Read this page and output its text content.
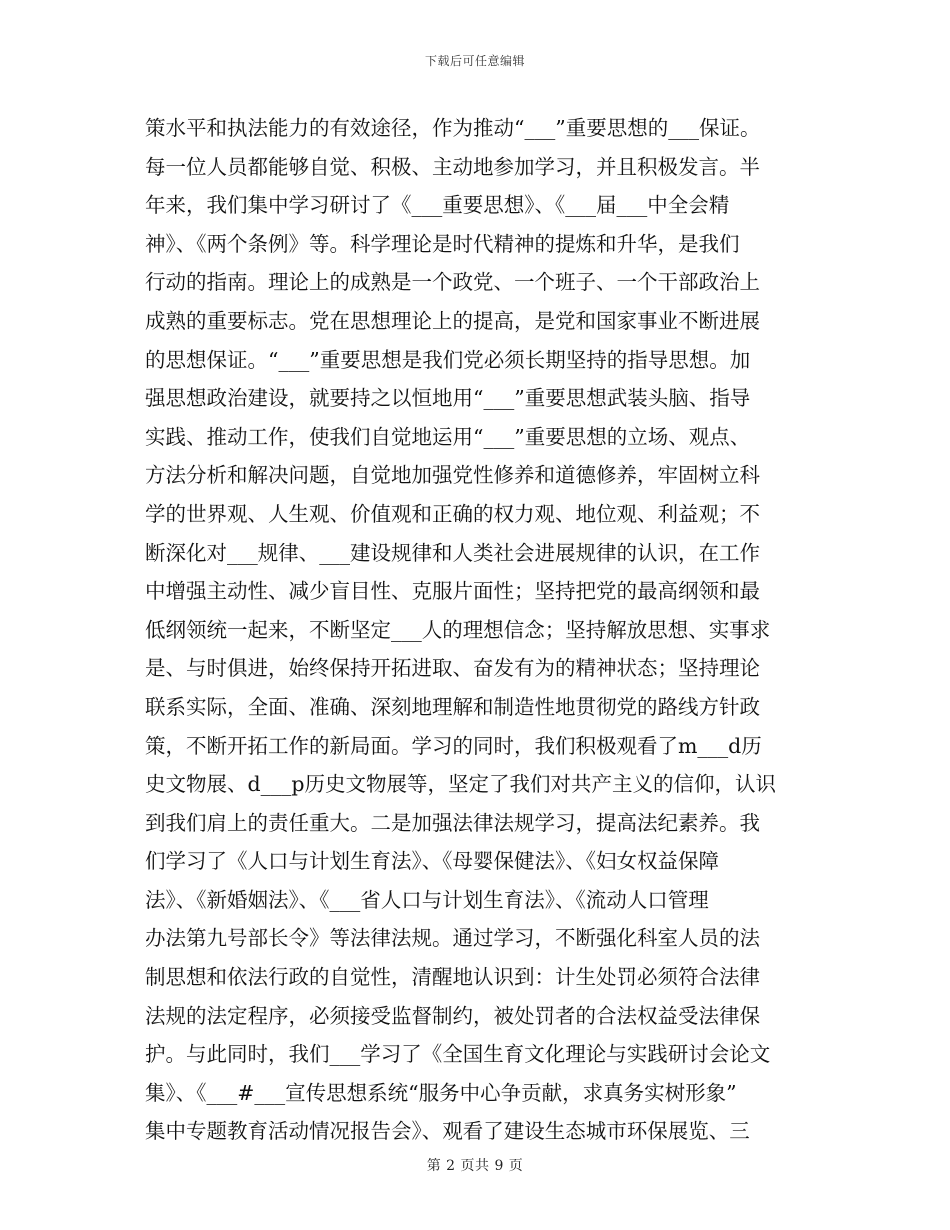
下载后可任意编辑
策水平和执法能力的有效途径，作为推动“___”重要思想的___保证。
每一位人员都能够自觉、积极、主动地参加学习，并且积极发言。半
年来，我们集中学习研讨了《___重要思想》、《___届___中全会精
神》、《两个条例》等。科学理论是时代精神的提炼和升华，是我们
行动的指南。理论上的成熟是一个政党、一个班子、一个干部政治上
成熟的重要标志。党在思想理论上的提高，是党和国家事业不断进展
的思想保证。“___”重要思想是我们党必须长期坚持的指导思想。加
强思想政治建设，就要持之以恒地用“___”重要思想武装头脑、指导
实践、推动工作，使我们自觉地运用“___”重要思想的立场、观点、
方法分析和解决问题，自觉地加强党性修养和道德修养，牢固树立科
学的世界观、人生观、价值观和正确的权力观、地位观、利益观；不
断深化对___规律、___建设规律和人类社会进展规律的认识，在工作
中增强主动性、减少盲目性、克服片面性；坚持把党的最高纲领和最
低纲领统一起来，不断坚定___人的理想信念；坚持解放思想、实事求
是、与时俱进，始终保持开拓进取、奋发有为的精神状态；坚持理论
联系实际，全面、准确、深刻地理解和制造性地贯彻党的路线方针政
策，不断开拓工作的新局面。学习的同时，我们积极观看了m___d历
史文物展、d___p历史文物展等，坚定了我们对共产主义的信仰，认识
到我们肩上的责任重大。二是加强法律法规学习，提高法纪素养。我
们学习了《人口与计划生育法》、《母婴保健法》、《妇女权益保障
法》、《新婚姻法》、《___省人口与计划生育法》、《流动人口管理
办法第九号部长令》等法律法规。通过学习，不断强化科室人员的法
制思想和依法行政的自觉性，清醒地认识到：计生处罚必须符合法律
法规的法定程序，必须接受监督制约，被处罚者的合法权益受法律保
护。与此同时，我们___学习了《全国生育文化理论与实践研讨会论文
集》、《___#___宣传思想系统“服务中心争贡献，求真务实树形象”
集中专题教育活动情况报告会》、观看了建设生态城市环保展览、三
第 2 页共 9 页
